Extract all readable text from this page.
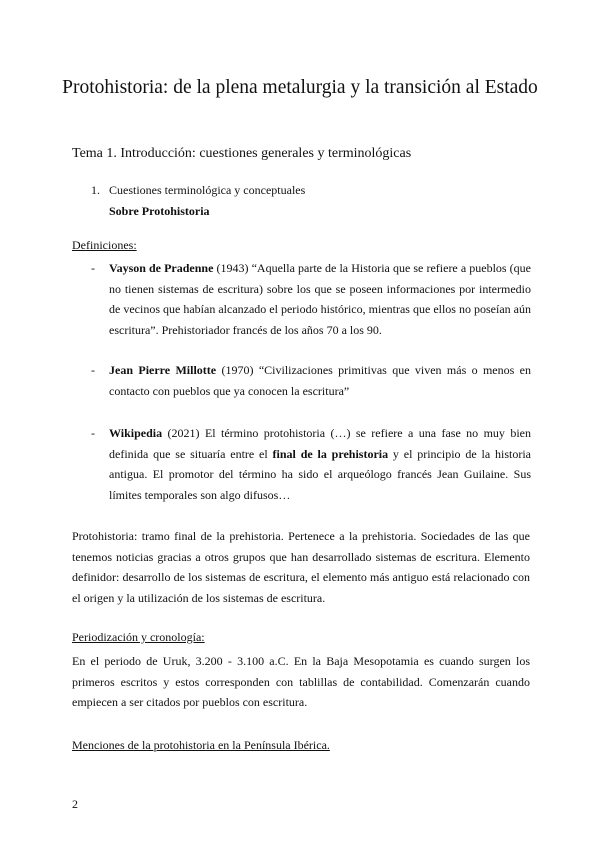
Protohistoria: de la plena metalurgia y la transición al Estado
Tema 1. Introducción: cuestiones generales y terminológicas
1. Cuestiones terminológica y conceptuales
Sobre Protohistoria
Definiciones:
- Vayson de Pradenne (1943) “Aquella parte de la Historia que se refiere a pueblos (que no tienen sistemas de escritura) sobre los que se poseen informaciones por intermedio de vecinos que habían alcanzado el periodo histórico, mientras que ellos no poseían aún escritura”. Prehistoriador francés de los años 70 a los 90.
- Jean Pierre Millotte (1970) “Civilizaciones primitivas que viven más o menos en contacto con pueblos que ya conocen la escritura”
- Wikipedia (2021) El término protohistoria (…) se refiere a una fase no muy bien definida que se situaría entre el final de la prehistoria y el principio de la historia antigua. El promotor del término ha sido el arqueólogo francés Jean Guilaine. Sus límites temporales son algo difusos…
Protohistoria: tramo final de la prehistoria. Pertenece a la prehistoria. Sociedades de las que tenemos noticias gracias a otros grupos que han desarrollado sistemas de escritura. Elemento definidor: desarrollo de los sistemas de escritura, el elemento más antiguo está relacionado con el origen y la utilización de los sistemas de escritura.
Periodización y cronología:
En el periodo de Uruk, 3.200 - 3.100 a.C. En la Baja Mesopotamia es cuando surgen los primeros escritos y estos corresponden con tablillas de contabilidad. Comenzarán cuando empiecen a ser citados por pueblos con escritura.
Menciones de la protohistoria en la Península Ibérica.
2
